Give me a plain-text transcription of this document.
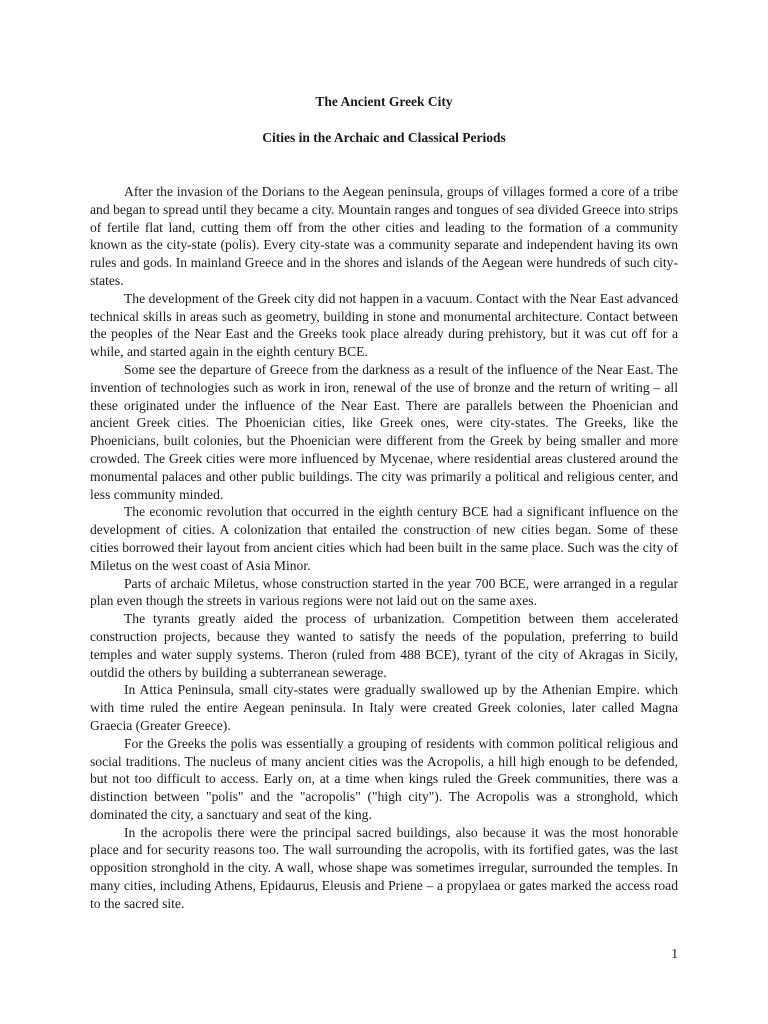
The Ancient Greek City
Cities in the Archaic and Classical Periods

After the invasion of the Dorians to the Aegean peninsula, groups of villages formed a core of a tribe and began to spread until they became a city. Mountain ranges and tongues of sea divided Greece into strips of fertile flat land, cutting them off from the other cities and leading to the formation of a community known as the city-state (polis). Every city-state was a community separate and independent having its own rules and gods. In mainland Greece and in the shores and islands of the Aegean were hundreds of such city-states.

The development of the Greek city did not happen in a vacuum. Contact with the Near East advanced technical skills in areas such as geometry, building in stone and monumental architecture. Contact between the peoples of the Near East and the Greeks took place already during prehistory, but it was cut off for a while, and started again in the eighth century BCE.

Some see the departure of Greece from the darkness as a result of the influence of the Near East. The invention of technologies such as work in iron, renewal of the use of bronze and the return of writing – all these originated under the influence of the Near East. There are parallels between the Phoenician and ancient Greek cities. The Phoenician cities, like Greek ones, were city-states. The Greeks, like the Phoenicians, built colonies, but the Phoenician were different from the Greek by being smaller and more crowded. The Greek cities were more influenced by Mycenae, where residential areas clustered around the monumental palaces and other public buildings. The city was primarily a political and religious center, and less community minded.

The economic revolution that occurred in the eighth century BCE had a significant influence on the development of cities. A colonization that entailed the construction of new cities began. Some of these cities borrowed their layout from ancient cities which had been built in the same place. Such was the city of Miletus on the west coast of Asia Minor.

Parts of archaic Miletus, whose construction started in the year 700 BCE, were arranged in a regular plan even though the streets in various regions were not laid out on the same axes.

The tyrants greatly aided the process of urbanization. Competition between them accelerated construction projects, because they wanted to satisfy the needs of the population, preferring to build temples and water supply systems. Theron (ruled from 488 BCE), tyrant of the city of Akragas in Sicily, outdid the others by building a subterranean sewerage.

In Attica Peninsula, small city-states were gradually swallowed up by the Athenian Empire. which with time ruled the entire Aegean peninsula. In Italy were created Greek colonies, later called Magna Graecia (Greater Greece).

For the Greeks the polis was essentially a grouping of residents with common political religious and social traditions. The nucleus of many ancient cities was the Acropolis, a hill high enough to be defended, but not too difficult to access. Early on, at a time when kings ruled the Greek communities, there was a distinction between "polis" and the "acropolis" ("high city"). The Acropolis was a stronghold, which dominated the city, a sanctuary and seat of the king.

In the acropolis there were the principal sacred buildings, also because it was the most honorable place and for security reasons too. The wall surrounding the acropolis, with its fortified gates, was the last opposition stronghold in the city. A wall, whose shape was sometimes irregular, surrounded the temples. In many cities, including Athens, Epidaurus, Eleusis and Priene – a propylaea or gates marked the access road to the sacred site.

1
